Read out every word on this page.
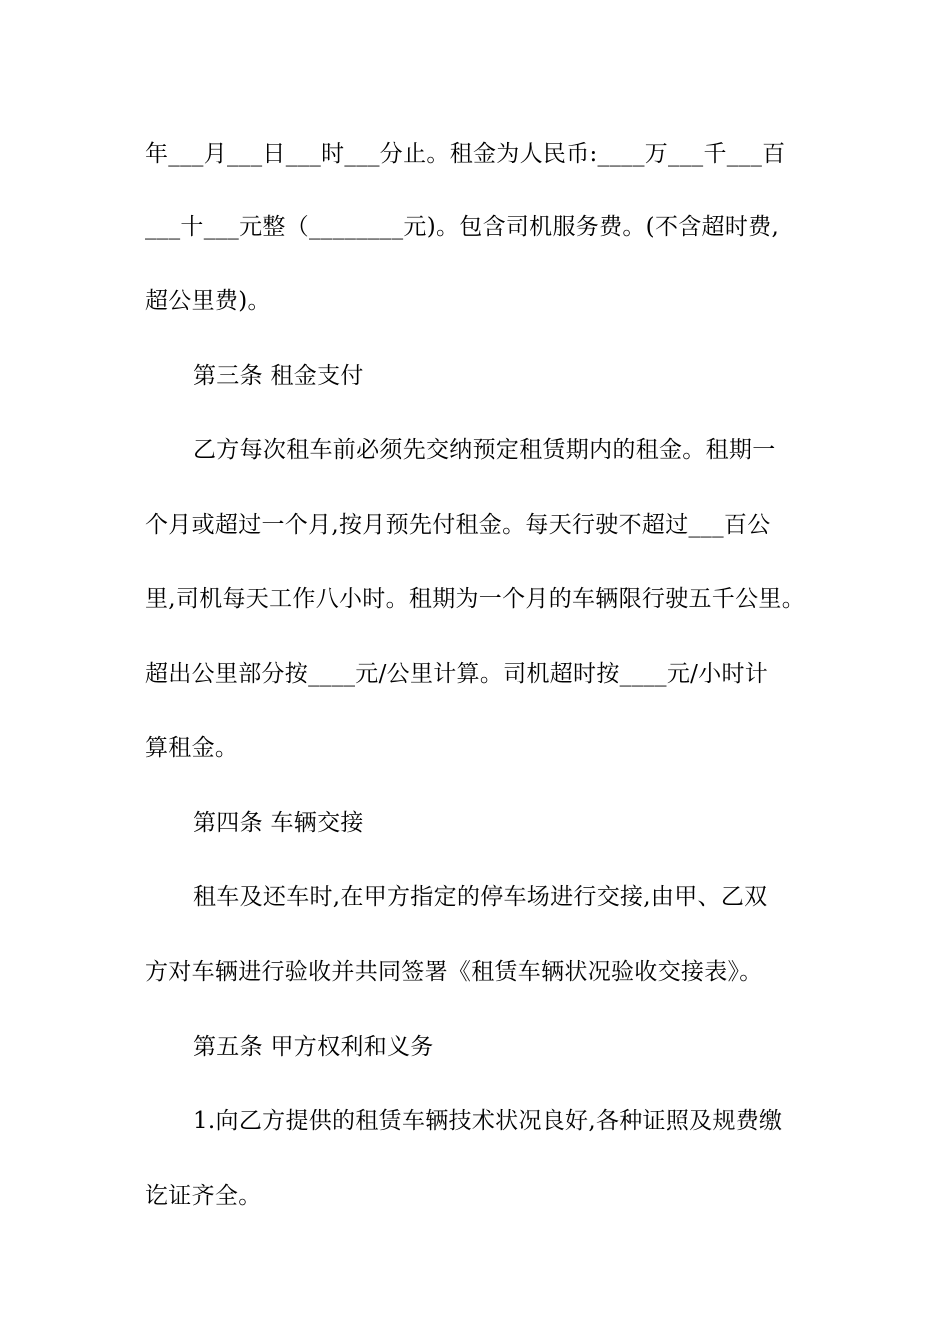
年___月___日___时___分止。租金为人民币:____万___千___百
___十___元整（________元)。包含司机服务费。(不含超时费,
超公里费)。
第三条 租金支付
乙方每次租车前必须先交纳预定租赁期内的租金。租期一
个月或超过一个月,按月预先付租金。每天行驶不超过___百公
里,司机每天工作八小时。租期为一个月的车辆限行驶五千公里。
超出公里部分按____元/公里计算。司机超时按____元/小时计
算租金。
第四条 车辆交接
租车及还车时,在甲方指定的停车场进行交接,由甲、乙双
方对车辆进行验收并共同签署《租赁车辆状况验收交接表》。
第五条 甲方权利和义务
1.向乙方提供的租赁车辆技术状况良好,各种证照及规费缴
讫证齐全。
